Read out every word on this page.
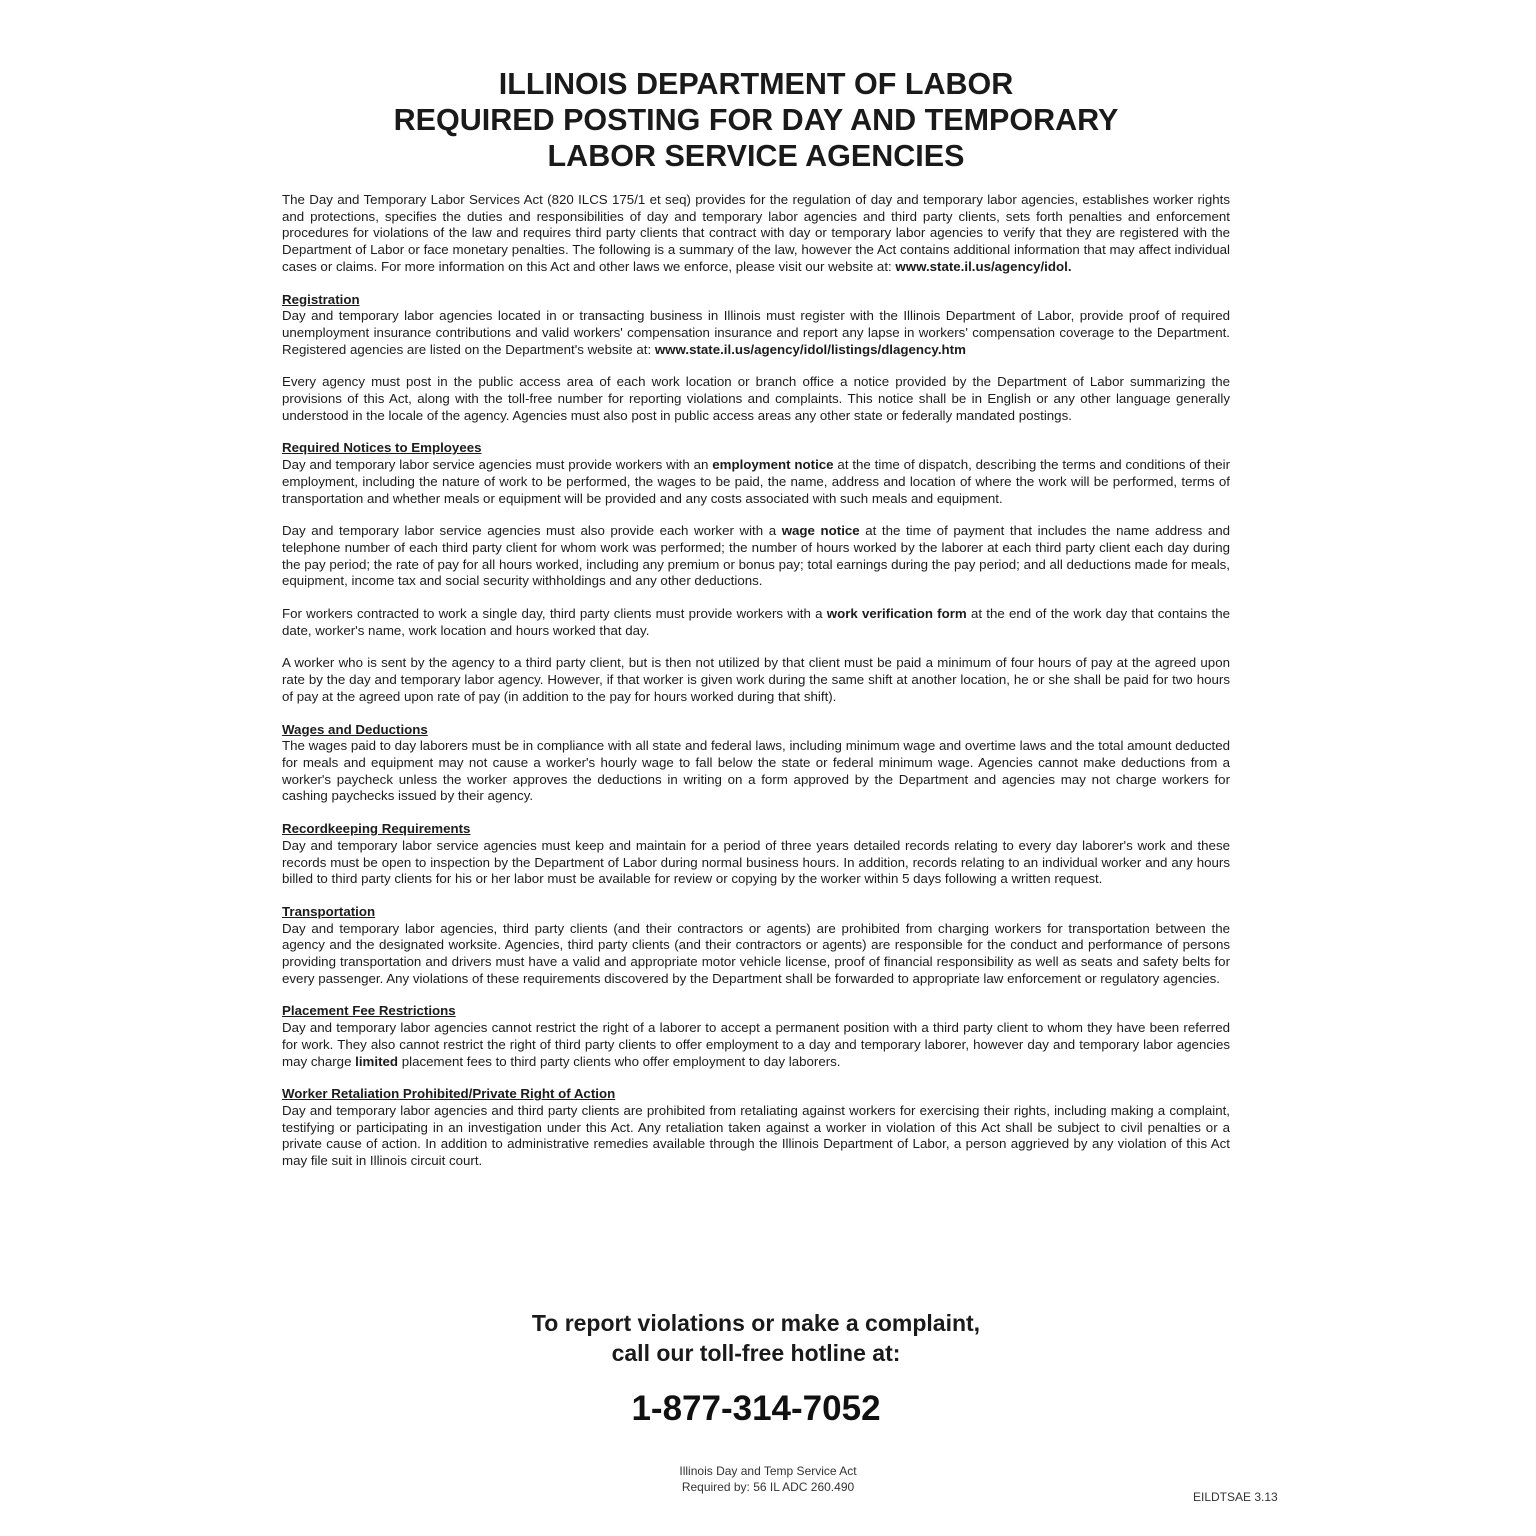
ILLINOIS DEPARTMENT OF LABOR
REQUIRED POSTING FOR DAY AND TEMPORARY
LABOR SERVICE AGENCIES

The Day and Temporary Labor Services Act (820 ILCS 175/1 et seq) provides for the regulation of day and temporary labor agencies, establishes worker rights and protections, specifies the duties and responsibilities of day and temporary labor agencies and third party clients, sets forth penalties and enforcement procedures for violations of the law and requires third party clients that contract with day or temporary labor agencies to verify that they are registered with the Department of Labor or face monetary penalties. The following is a summary of the law, however the Act contains additional information that may affect individual cases or claims. For more information on this Act and other laws we enforce, please visit our website at: www.state.il.us/agency/idol.

Registration

Day and temporary labor agencies located in or transacting business in Illinois must register with the Illinois Department of Labor, provide proof of required unemployment insurance contributions and valid workers' compensation insurance and report any lapse in workers' compensation coverage to the Department. Registered agencies are listed on the Department's website at: www.state.il.us/agency/idol/listings/dlagency.htm

Every agency must post in the public access area of each work location or branch office a notice provided by the Department of Labor summarizing the provisions of this Act, along with the toll-free number for reporting violations and complaints. This notice shall be in English or any other language generally understood in the locale of the agency. Agencies must also post in public access areas any other state or federally mandated postings.

Required Notices to Employees

Day and temporary labor service agencies must provide workers with an employment notice at the time of dispatch, describing the terms and conditions of their employment, including the nature of work to be performed, the wages to be paid, the name, address and location of where the work will be performed, terms of transportation and whether meals or equipment will be provided and any costs associated with such meals and equipment.

Day and temporary labor service agencies must also provide each worker with a wage notice at the time of payment that includes the name address and telephone number of each third party client for whom work was performed; the number of hours worked by the laborer at each third party client each day during the pay period; the rate of pay for all hours worked, including any premium or bonus pay; total earnings during the pay period; and all deductions made for meals, equipment, income tax and social security withholdings and any other deductions.

For workers contracted to work a single day, third party clients must provide workers with a work verification form at the end of the work day that contains the date, worker's name, work location and hours worked that day.

A worker who is sent by the agency to a third party client, but is then not utilized by that client must be paid a minimum of four hours of pay at the agreed upon rate by the day and temporary labor agency. However, if that worker is given work during the same shift at another location, he or she shall be paid for two hours of pay at the agreed upon rate of pay (in addition to the pay for hours worked during that shift).

Wages and Deductions

The wages paid to day laborers must be in compliance with all state and federal laws, including minimum wage and overtime laws and the total amount deducted for meals and equipment may not cause a worker's hourly wage to fall below the state or federal minimum wage. Agencies cannot make deductions from a worker's paycheck unless the worker approves the deductions in writing on a form approved by the Department and agencies may not charge workers for cashing paychecks issued by their agency.

Recordkeeping Requirements

Day and temporary labor service agencies must keep and maintain for a period of three years detailed records relating to every day laborer's work and these records must be open to inspection by the Department of Labor during normal business hours. In addition, records relating to an individual worker and any hours billed to third party clients for his or her labor must be available for review or copying by the worker within 5 days following a written request.

Transportation

Day and temporary labor agencies, third party clients (and their contractors or agents) are prohibited from charging workers for transportation between the agency and the designated worksite. Agencies, third party clients (and their contractors or agents) are responsible for the conduct and performance of persons providing transportation and drivers must have a valid and appropriate motor vehicle license, proof of financial responsibility as well as seats and safety belts for every passenger. Any violations of these requirements discovered by the Department shall be forwarded to appropriate law enforcement or regulatory agencies.

Placement Fee Restrictions

Day and temporary labor agencies cannot restrict the right of a laborer to accept a permanent position with a third party client to whom they have been referred for work. They also cannot restrict the right of third party clients to offer employment to a day and temporary laborer, however day and temporary labor agencies may charge limited placement fees to third party clients who offer employment to day laborers.

Worker Retaliation Prohibited/Private Right of Action

Day and temporary labor agencies and third party clients are prohibited from retaliating against workers for exercising their rights, including making a complaint, testifying or participating in an investigation under this Act. Any retaliation taken against a worker in violation of this Act shall be subject to civil penalties or a private cause of action. In addition to administrative remedies available through the Illinois Department of Labor, a person aggrieved by any violation of this Act may file suit in Illinois circuit court.

To report violations or make a complaint,
call our toll-free hotline at:
1-877-314-7052
Illinois Day and Temp Service Act
Required by: 56 IL ADC 260.490
EILDTSAE 3.13
